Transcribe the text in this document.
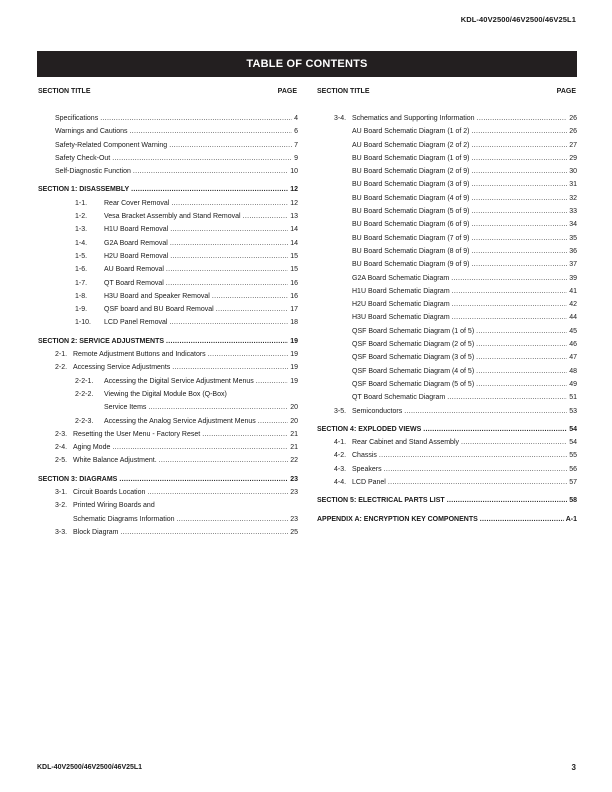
KDL-40V2500/46V2500/46V25L1
TABLE OF CONTENTS
SECTION TITLE	PAGE
Specifications .....	4
Warnings and Cautions .....	6
Safety-Related Component Warning .....	7
Safety Check-Out .....	9
Self-Diagnostic Function .....	10
SECTION 1: DISASSEMBLY .....	12
1-1.	Rear Cover Removal .....	12
1-2.	Vesa Bracket Assembly and Stand Removal .....	13
1-3.	H1U Board Removal .....	14
1-4.	G2A Board Removal .....	14
1-5.	H2U Board Removal .....	15
1-6.	AU Board Removal .....	15
1-7.	QT Board Removal .....	16
1-8.	H3U Board and Speaker Removal .....	16
1-9.	QSF board and BU Board Removal .....	17
1-10.	LCD Panel Removal .....	18
SECTION 2: SERVICE ADJUSTMENTS .....	19
2-1. Remote Adjustment Buttons and Indicators .....	19
2-2. Accessing Service Adjustments .....	19
2-2-1.	Accessing the Digital Service Adjustment Menus .....	19
2-2-2.	Viewing the Digital Module Box (Q-Box)
Service Items .....	20
2-2-3.	Accessing the Analog Service Adjustment Menus .....	20
2-3. Resetting the User Menu - Factory Reset .....	21
2-4. Aging Mode .....	21
2-5. White Balance Adjustment. .....	22
SECTION 3: DIAGRAMS .....	23
3-1. Circuit Boards Location .....	23
3-2. Printed Wiring Boards and
Schematic Diagrams Information .....	23
3-3. Block Diagram .....	25
SECTION TITLE	PAGE
3-4. Schematics and Supporting Information .....	26
AU Board Schematic Diagram (1 of 2) .....	26
AU Board Schematic Diagram (2 of 2) .....	27
BU Board Schematic Diagram (1 of 9) .....	29
BU Board Schematic Diagram (2 of 9) .....	30
BU Board Schematic Diagram (3 of 9) .....	31
BU Board Schematic Diagram (4 of 9) .....	32
BU Board Schematic Diagram (5 of 9) .....	33
BU Board Schematic Diagram (6 of 9) .....	34
BU Board Schematic Diagram (7 of 9) .....	35
BU Board Schematic Diagram (8 of 9) .....	36
BU Board Schematic Diagram (9 of 9) .....	37
G2A Board Schematic Diagram .....	39
H1U Board Schematic Diagram .....	41
H2U Board Schematic Diagram .....	42
H3U Board Schematic Diagram .....	44
QSF Board Schematic Diagram (1 of 5) .....	45
QSF Board Schematic Diagram (2 of 5) .....	46
QSF Board Schematic Diagram (3 of 5) .....	47
QSF Board Schematic Diagram (4 of 5) .....	48
QSF Board Schematic Diagram (5 of 5) .....	49
QT Board Schematic Diagram .....	51
3-5. Semiconductors .....	53
SECTION 4: EXPLODED VIEWS .....	54
4-1. Rear Cabinet and Stand Assembly .....	54
4-2. Chassis .....	55
4-3. Speakers .....	56
4-4. LCD Panel .....	57
SECTION 5: ELECTRICAL PARTS LIST .....	58
APPENDIX A: ENCRYPTION KEY COMPONENTS .....	A-1
KDL-40V2500/46V2500/46V25L1	3
